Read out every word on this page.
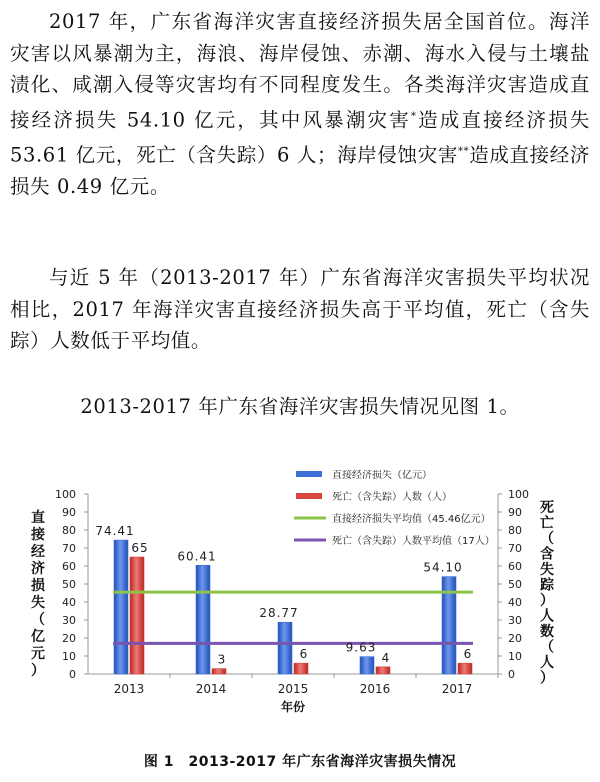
2017 年，广东省海洋灾害直接经济损失居全国首位。海洋灾害以风暴潮为主，海浪、海岸侵蚀、赤潮、海水入侵与土壤盐渍化、咸潮入侵等灾害均有不同程度发生。各类海洋灾害造成直接经济损失 54.10 亿元，其中风暴潮灾害*造成直接经济损失 53.61 亿元，死亡（含失踪）6 人；海岸侵蚀灾害**造成直接经济损失 0.49 亿元。

与近 5 年（2013-2017 年）广东省海洋灾害损失平均状况相比，2017 年海洋灾害直接经济损失高于平均值，死亡（含失踪）人数低于平均值。

2013-2017 年广东省海洋灾害损失情况见图 1。

0	0
10	10
20	20
30	30
40	40
50	50
60	60
70	70
80	80
90	90
100	100
直接经济损失（亿元）
死亡（含失踪）人数（人）
2013	2014	2015	2016	2017
年份
74.41
60.41
28.77
9.63
54.10
65
3	6	4	6
直接经济损失（亿元）
死亡（含失踪）人数（人）
直接经济损失平均值（45.46亿元）
死亡（含失踪）人数平均值（17人）
图 1　2013-2017 年广东省海洋灾害损失情况
